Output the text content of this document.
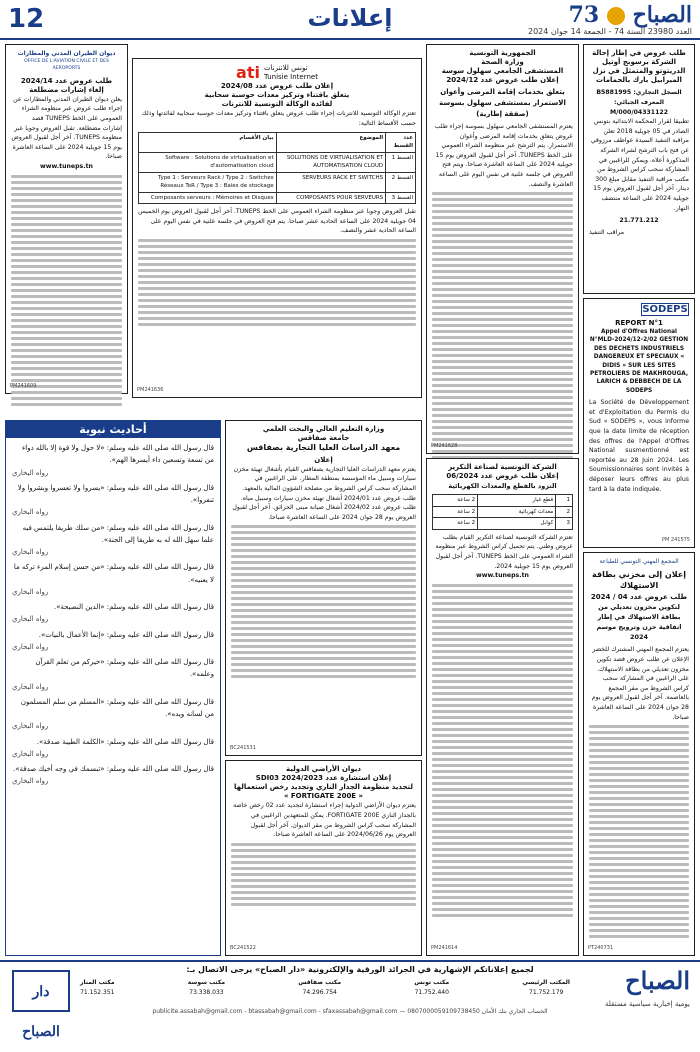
12	إعلانات	الصباح  73
العدد 23980 السنة 74 - الجمعة 14 جوان 2024
طلب عروض في إطار إحالة الشركة برسوبج أوتيل الدريتوتو والمتمثل في نزل الميرابيل بارك بالحمامات
السجل التجاري: B5881995
المعرف الجبائي: 04331122/M/000
تطبيقا لقرار المحكمة الابتدائية بتونس الصادر في 05 جويلية 2018 تعلن مراقبة التنفيذ السيدة عواطف مرزوقي عن فتح باب الترشح لشراء الشركة المذكورة أعلاه. ويمكن للراغبين في المشاركة سحب كراس الشروط من مكتب مراقبة التنفيذ مقابل مبلغ 300 دينار. آخر أجل لقبول العروض يوم 15 جويلية 2024 على الساعة منتصف النهار.
21.771.212
مراقب التنفيذ
SODEPS
REPORT N°1
Appel d'Offres National N°MLD-2024/12-2/02 GESTION DES DECHETS INDUSTRIELS DANGEREUX ET SPECIAUX « DIDIS » SUR LES SITES PETROLIERS DE MAKHROUGA, LARICH & DEBBECH DE LA SODEPS
La Société de Développement et d'Exploitation du Permis du Sud « SODEPS », vous informe que la date limite de réception des offres de l'Appel d'Offres National susmentionné est reportée au 28 Juin 2024. Les Soumissionnaires sont invités à déposer leurs offres au plus tard à la date indiquée.
PM 241575
المجمع المهني التونسي للطباعة
إعلان إلى مخزني بطاقة الاستهلاك
طلب عروض عدد 04 / 2024
لتكوين مخزون تعديلي من بطاقة الاستهلاك في إطار اتفاقية خزن وترويج موسم 2024
يعتزم المجمع المهني المشترك للخضر الإعلان عن طلب عروض قصد تكوين مخزون تعديلي من بطاقة الاستهلاك. على الراغبين في المشاركة سحب كراس الشروط من مقر المجمع بالعاصمة. آخر أجل لقبول العروض يوم 28 جوان 2024 على الساعة العاشرة صباحا.
PT240731
الجمهورية التونسية
وزارة الصحة
المستشفى الجامعي سهلول سوسة
إعلان طلب عروض عدد 2024/12
يتعلق بخدمات إقامة المرضى وأعوان الاستمرار بمستشفى سهلول بسوسة (صفقة إطارية)
يعتزم المستشفى الجامعي سهلول بسوسة إجراء طلب عروض يتعلق بخدمات إقامة المرضى وأعوان الاستمرار. يتم الترشح عبر منظومة الشراء العمومي على الخط TUNEPS. آخر أجل لقبول العروض يوم 15 جويلية 2024 على الساعة العاشرة صباحا. ويتم فتح العروض في جلسة علنية في نفس اليوم على الساعة العاشرة والنصف.
PM241628
الشركة التونسية لصناعة التكرير
إعلان طلب عروض عدد 06/2024
التزود بالقطع والمعدات الكهربائية
1	قطع غيار	2 ساعة
2	معدات كهربائية	2 ساعة
3	كوابل	2 ساعة
تعتزم الشركة التونسية لصناعة التكرير القيام بطلب عروض وطني. يتم تحميل كراس الشروط عبر منظومة الشراء العمومي على الخط TUNEPS. آخر أجل لقبول العروض يوم 15 جويلية 2024.
www.tuneps.tn
PM241614
ati تونس للانترنات
Tunisie Internet
إعلان طلب عروض عدد 2024/08
يتعلق باقتناء وتركيز معدات حوسبة سحابية
لفائدة الوكالة التونسية للانترنات
تعتزم الوكالة التونسية للانترنات إجراء طلب عروض يتعلق باقتناء وتركيز معدات حوسبة سحابية لفائدتها وذلك حسب الأقساط التالية:
عدد القسط	الموضوع	بيان الأقسام
القسط 1	SOLUTIONS DE VIRTUALISATION ET AUTOMATISATION CLOUD	Software : Solutions de virtualisation et d'automatisation cloud
القسط 2	SERVEURS RACK ET SWITCHS	Type 1 : Serveurs Rack / Type 2 : Switches Réseaux ToR / Type 3 : Baies de stockage
القسط 3	COMPOSANTS POUR SERVEURS	Composants serveurs : Mémoires et Disques
تقبل العروض وجوبا عبر منظومة الشراء العمومي على الخط TUNEPS. آخر أجل لقبول العروض يوم الخميس 04 جويلية 2024 على الساعة الحادية عشر صباحا. يتم فتح العروض في جلسة علنية في نفس اليوم على الساعة الحادية عشر والنصف.
PM241636
وزارة التعليم العالي والبحث العلمي
جامعة صفاقس
معهد الدراسات العليا التجارية بصفاقس
إعلان
يعتزم معهد الدراسات العليا التجارية بصفاقس القيام بأشغال تهيئة مخزن سيارات وسبيل ماء المؤسسة بمنطقة المطار. على الراغبين في المشاركة سحب كراس الشروط من مصلحة الشؤون المالية بالمعهد. طلب عروض عدد 2024/01 أشغال تهيئة مخزن سيارات وسبيل مياه. طلب عروض عدد 2024/02 أشغال صيانة مبنى الحرائق. آخر أجل لقبول العروض يوم 28 جوان 2024 على الساعة العاشرة صباحا.
BC241531
ديوان الأراضي الدولية
إعلان استشارة عدد 2024/2023 SDI03
لتجديد منظومة الجدار الناري وتجديد رخص استعمالها
« FORTIGATE 200E »
يعتزم ديوان الأراضي الدولية إجراء استشارة لتجديد عدد 02 رخص خاصة بالجدار الناري FORTIGATE 200E. يمكن للمتعهدين الراغبين في المشاركة سحب كراس الشروط من مقر الديوان. آخر أجل لقبول العروض يوم 2024/06/26 على الساعة العاشرة صباحا.
BC241522
ديوان الطيران المدني والمطارات
OFFICE DE L'AVIATION CIVILE ET DES AEROPORTS
طلب عروض عدد 2024/14
إلغاء إشارات مضطلعة
يعلن ديوان الطيران المدني والمطارات عن إجراء طلب عروض عبر منظومة الشراء العمومي على الخط TUNEPS قصد إشارات مضطلعة. تقبل العروض وجوبا عبر منظومة TUNEPS. آخر أجل لقبول العروض يوم 15 جويلية 2024 على الساعة العاشرة صباحا.
www.tuneps.tn
PM241609
أحاديث نبوية
قال رسول الله صلى الله عليه وسلم: «لا حول ولا قوة إلا بالله دواء من تسعة وتسعين داء أيسرها الهم».
رواه البخاري
قال رسول الله صلى الله عليه وسلم: «يسروا ولا تعسروا وبشروا ولا تنفروا».
رواه البخاري
قال رسول الله صلى الله عليه وسلم: «من سلك طريقا يلتمس فيه علما سهل الله له به طريقا إلى الجنة».
رواه البخاري
قال رسول الله صلى الله عليه وسلم: «من حسن إسلام المرء تركه ما لا يعنيه».
رواه البخاري
قال رسول الله صلى الله عليه وسلم: «الدين النصيحة».
رواه البخاري
قال رسول الله صلى الله عليه وسلم: «إنما الأعمال بالنيات».
رواه البخاري
قال رسول الله صلى الله عليه وسلم: «خيركم من تعلم القرآن وعلمه».
رواه البخاري
قال رسول الله صلى الله عليه وسلم: «المسلم من سلم المسلمون من لسانه ويده».
رواه البخاري
قال رسول الله صلى الله عليه وسلم: «الكلمة الطيبة صدقة».
رواه البخاري
قال رسول الله صلى الله عليه وسلم: «تبسمك في وجه أخيك صدقة».
رواه البخاري
دار الصباح
لجميع إعلاناتكم الإشهارية في الجرائد الورقية والإلكترونية «دار الصباح» يرجى الاتصال بـ:
المكتب الرئيسي
71.752.179
مكتب تونس
71.752.440
مكتب صفاقس
74.296.754
مكتب سوسة
73.338.033
مكتب المنار
71.152.351
publicite.assabah@gmail.com - btassabah@gmail.com - sfaxassabah@gmail.com — الحساب الجاري بنك الأمان 0807000059109738450
الصباح
يومية إخبارية سياسية مستقلة
